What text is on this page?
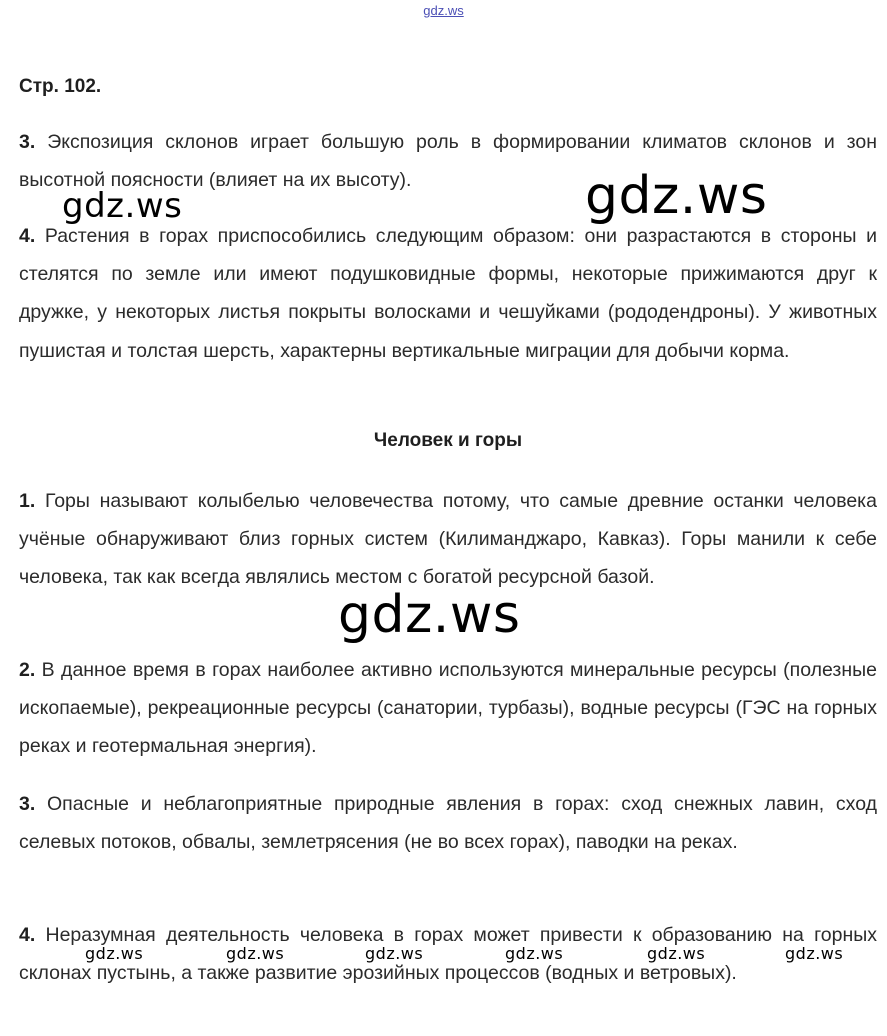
gdz.ws
Стр. 102.
3. Экспозиция склонов играет большую роль в формировании климатов склонов и зон высотной поясности (влияет на их высоту).
4. Растения в горах приспособились следующим образом: они разрастаются в стороны и стелятся по земле или имеют подушковидные формы, некоторые прижимаются друг к дружке, у некоторых листья покрыты волосками и чешуйками (рододендроны). У животных пушистая и толстая шерсть, характерны вертикальные миграции для добычи корма.
Человек и горы
1. Горы называют колыбелью человечества потому, что самые древние останки человека учёные обнаруживают близ горных систем (Килиманджаро, Кавказ). Горы манили к себе человека, так как всегда являлись местом с богатой ресурсной базой.
2. В данное время в горах наиболее активно используются минеральные ресурсы (полезные ископаемые), рекреационные ресурсы (санатории, турбазы), водные ресурсы (ГЭС на горных реках и геотермальная энергия).
3. Опасные и неблагоприятные природные явления в горах: сход снежных лавин, сход селевых потоков, обвалы, землетрясения (не во всех горах), паводки на реках.
4. Неразумная деятельность человека в горах может привести к образованию на горных склонах пустынь, а также развитие эрозийных процессов (водных и ветровых).
gdz.ws
gdz.ws
gdz.ws
gdz.ws	gdz.ws	gdz.ws	gdz.ws	gdz.ws	gdz.ws
